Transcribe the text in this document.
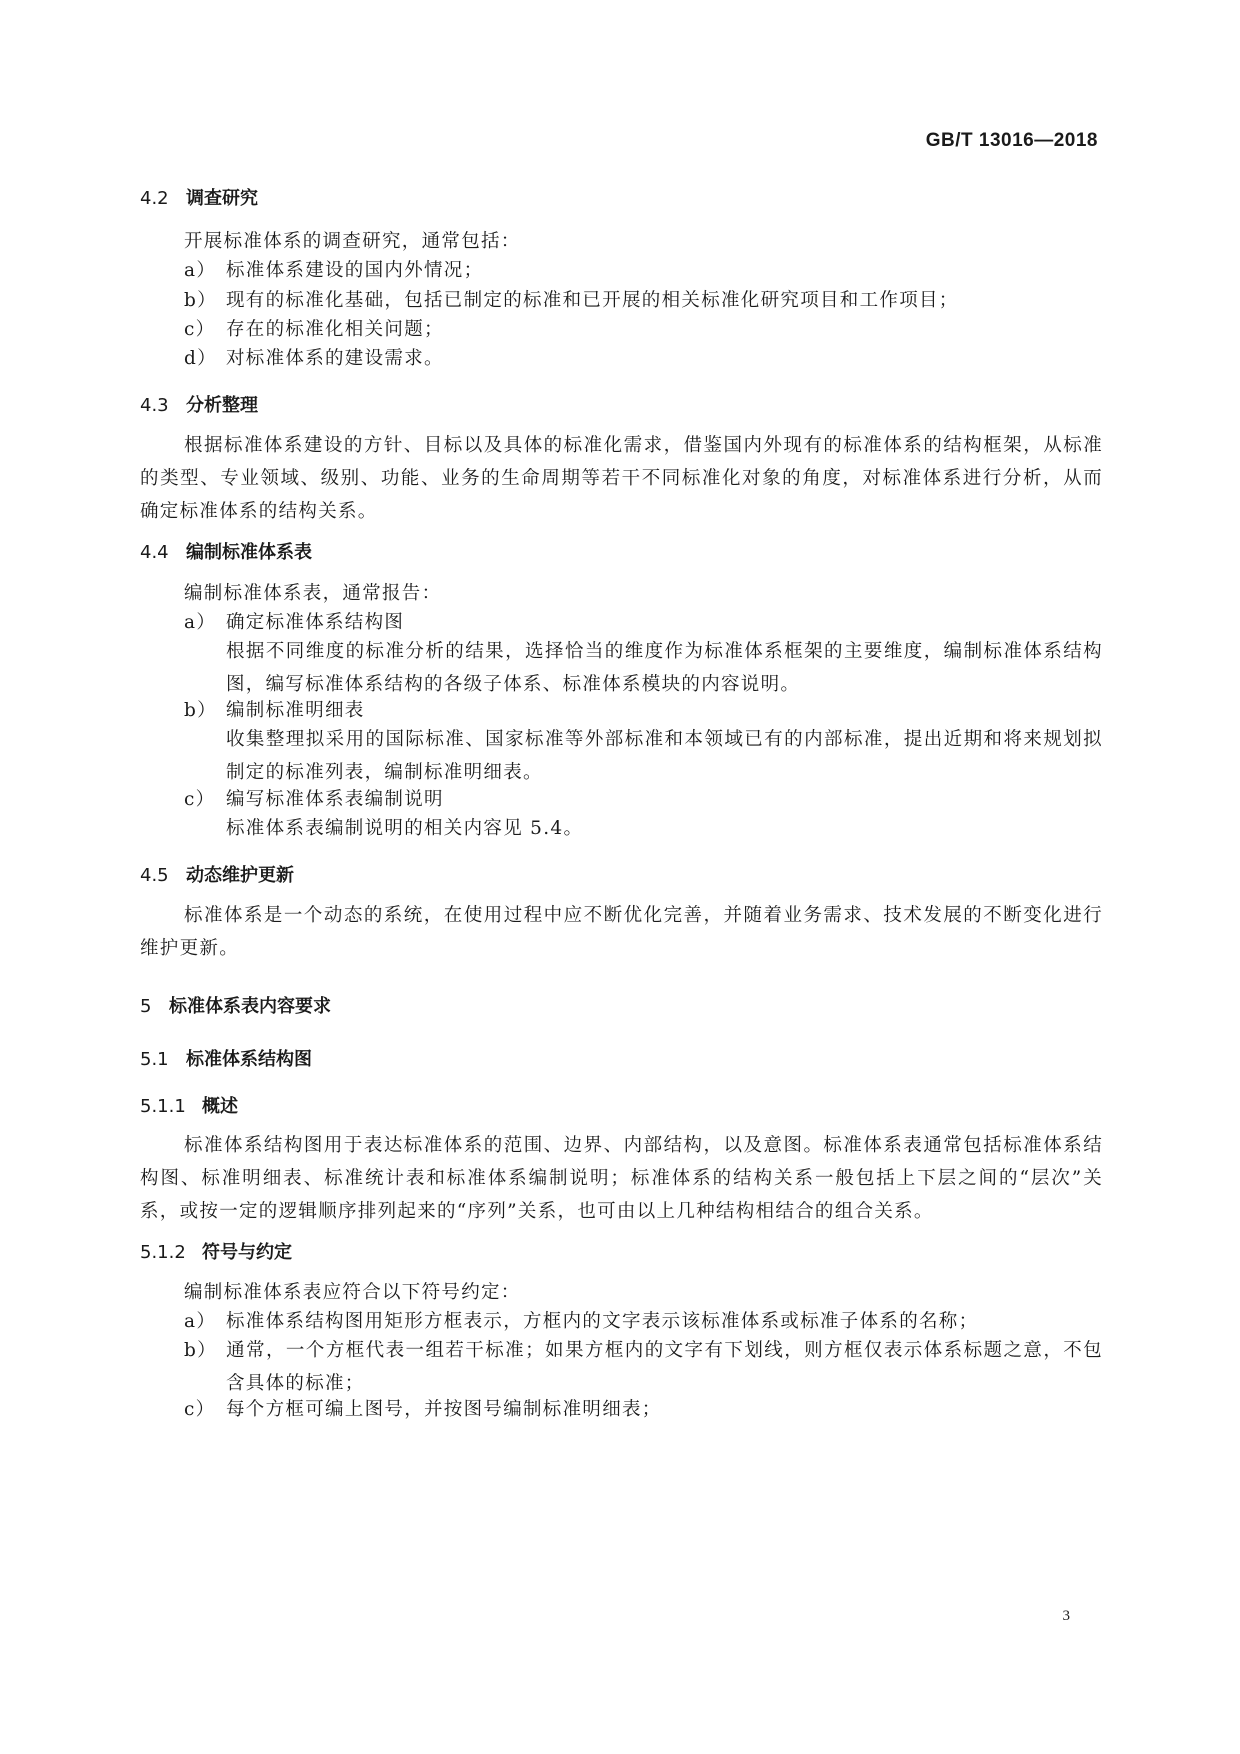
GB/T 13016—2018
4.2 调查研究
开展标准体系的调查研究，通常包括：
a） 标准体系建设的国内外情况；
b） 现有的标准化基础，包括已制定的标准和已开展的相关标准化研究项目和工作项目；
c） 存在的标准化相关问题；
d） 对标准体系的建设需求。
4.3 分析整理
根据标准体系建设的方针、目标以及具体的标准化需求，借鉴国内外现有的标准体系的结构框架，从标准的类型、专业领域、级别、功能、业务的生命周期等若干不同标准化对象的角度，对标准体系进行分析，从而确定标准体系的结构关系。
4.4 编制标准体系表
编制标准体系表，通常报告：
a） 确定标准体系结构图
根据不同维度的标准分析的结果，选择恰当的维度作为标准体系框架的主要维度，编制标准体系结构图，编写标准体系结构的各级子体系、标准体系模块的内容说明。
b） 编制标准明细表
收集整理拟采用的国际标准、国家标准等外部标准和本领域已有的内部标准，提出近期和将来规划拟制定的标准列表，编制标准明细表。
c） 编写标准体系表编制说明
标准体系表编制说明的相关内容见 5.4。
4.5 动态维护更新
标准体系是一个动态的系统，在使用过程中应不断优化完善，并随着业务需求、技术发展的不断变化进行维护更新。
5 标准体系表内容要求
5.1 标准体系结构图
5.1.1 概述
标准体系结构图用于表达标准体系的范围、边界、内部结构，以及意图。标准体系表通常包括标准体系结构图、标准明细表、标准统计表和标准体系编制说明；标准体系的结构关系一般包括上下层之间的“层次”关系，或按一定的逻辑顺序排列起来的“序列”关系，也可由以上几种结构相结合的组合关系。
5.1.2 符号与约定
编制标准体系表应符合以下符号约定：
a） 标准体系结构图用矩形方框表示，方框内的文字表示该标准体系或标准子体系的名称；
b） 通常，一个方框代表一组若干标准；如果方框内的文字有下划线，则方框仅表示体系标题之意，不包含具体的标准；
c） 每个方框可编上图号，并按图号编制标准明细表；
3
